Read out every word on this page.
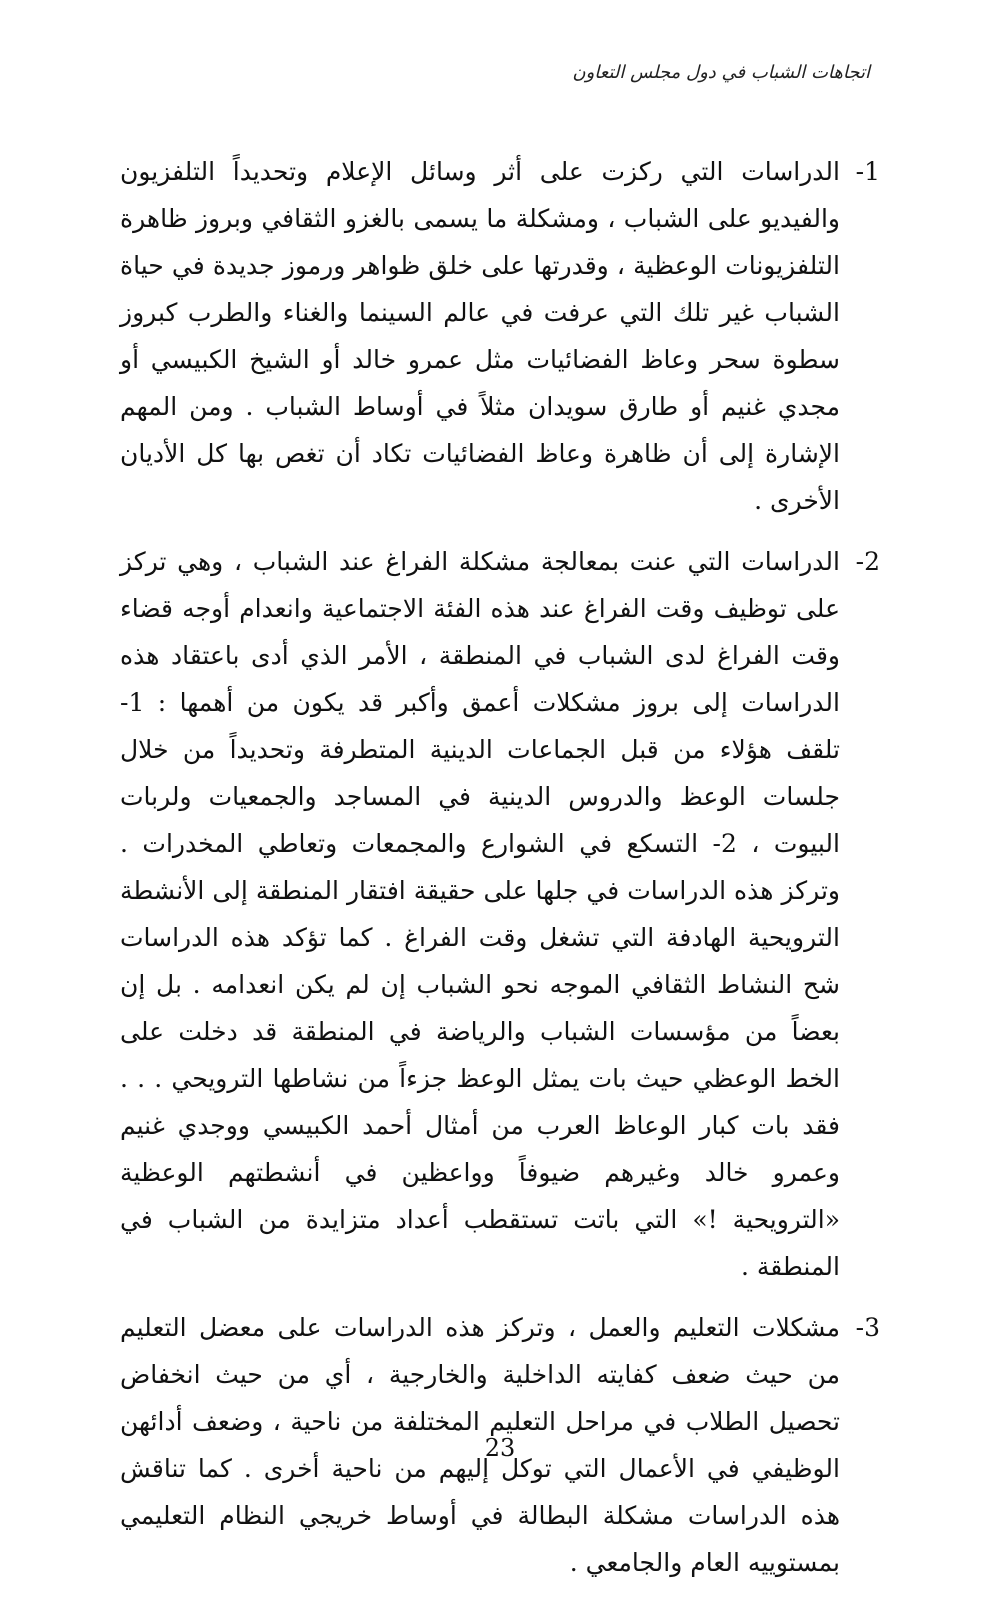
اتجاهات الشباب في دول مجلس التعاون
1-

الدراسات التي ركزت على أثر وسائل الإعلام وتحديداً التلفزيون والفيديو على الشباب ، ومشكلة ما يسمى بالغزو الثقافي وبروز ظاهرة التلفزيونات الوعظية ، وقدرتها على خلق ظواهر ورموز جديدة في حياة الشباب غير تلك التي عرفت في عالم السينما والغناء والطرب كبروز سطوة سحر وعاظ الفضائيات مثل عمرو خالد أو الشيخ الكبيسي أو مجدي غنيم أو طارق سويدان مثلاً في أوساط الشباب . ومن المهم الإشارة إلى أن ظاهرة وعاظ الفضائيات تكاد أن تغص بها كل الأديان الأخرى .

2-

الدراسات التي عنت بمعالجة مشكلة الفراغ عند الشباب ، وهي تركز على توظيف وقت الفراغ عند هذه الفئة الاجتماعية وانعدام أوجه قضاء وقت الفراغ لدى الشباب في المنطقة ، الأمر الذي أدى باعتقاد هذه الدراسات إلى بروز مشكلات أعمق وأكبر قد يكون من أهمها : 1- تلقف هؤلاء من قبل الجماعات الدينية المتطرفة وتحديداً من خلال جلسات الوعظ والدروس الدينية في المساجد والجمعيات ولربات البيوت ، 2- التسكع في الشوارع والمجمعات وتعاطي المخدرات . وتركز هذه الدراسات في جلها على حقيقة افتقار المنطقة إلى الأنشطة الترويحية الهادفة التي تشغل وقت الفراغ . كما تؤكد هذه الدراسات شح النشاط الثقافي الموجه نحو الشباب إن لم يكن انعدامه . بل إن بعضاً من مؤسسات الشباب والرياضة في المنطقة قد دخلت على الخط الوعظي حيث بات يمثل الوعظ جزءاً من نشاطها الترويحي . . . فقد بات كبار الوعاظ العرب من أمثال أحمد الكبيسي ووجدي غنيم وعمرو خالد وغيرهم ضيوفاً وواعظين في أنشطتهم الوعظية «الترويحية !» التي باتت تستقطب أعداد متزايدة من الشباب في المنطقة .

3-

مشكلات التعليم والعمل ، وتركز هذه الدراسات على معضل التعليم من حيث ضعف كفايته الداخلية والخارجية ، أي من حيث انخفاض تحصيل الطلاب في مراحل التعليم المختلفة من ناحية ، وضعف أدائهن الوظيفي في الأعمال التي توكل إليهم من ناحية أخرى . كما تناقش هذه الدراسات مشكلة البطالة في أوساط خريجي النظام التعليمي بمستوييه العام والجامعي .

23
